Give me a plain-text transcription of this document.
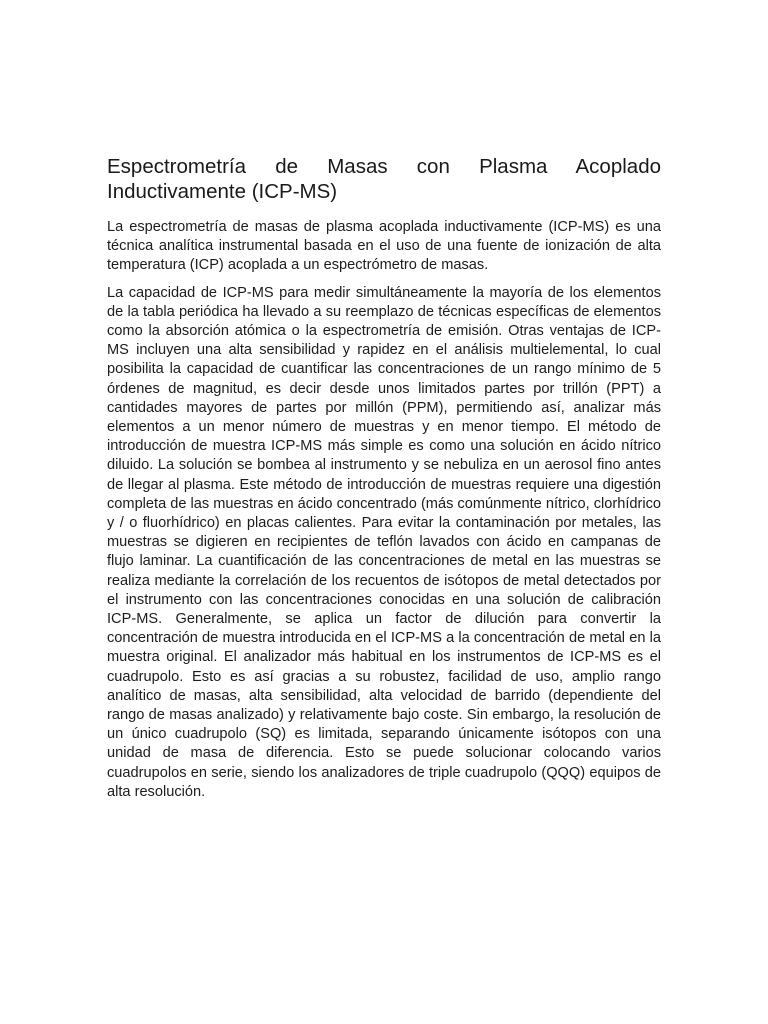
Espectrometría de Masas con Plasma Acoplado Inductivamente (ICP-MS)

La espectrometría de masas de plasma acoplada inductivamente (ICP-MS) es una técnica analítica instrumental basada en el uso de una fuente de ionización de alta temperatura (ICP) acoplada a un espectrómetro de masas.

La capacidad de ICP-MS para medir simultáneamente la mayoría de los elementos de la tabla periódica ha llevado a su reemplazo de técnicas específicas de elementos como la absorción atómica o la espectrometría de emisión. Otras ventajas de ICP-MS incluyen una alta sensibilidad y rapidez en el análisis multielemental, lo cual posibilita la capacidad de cuantificar las concentraciones de un rango mínimo de 5 órdenes de magnitud, es decir desde unos limitados partes por trillón (PPT) a cantidades mayores de partes por millón (PPM), permitiendo así, analizar más elementos a un menor número de muestras y en menor tiempo. El método de introducción de muestra ICP-MS más simple es como una solución en ácido nítrico diluido. La solución se bombea al instrumento y se nebuliza en un aerosol fino antes de llegar al plasma. Este método de introducción de muestras requiere una digestión completa de las muestras en ácido concentrado (más comúnmente nítrico, clorhídrico y / o fluorhídrico) en placas calientes. Para evitar la contaminación por metales, las muestras se digieren en recipientes de teflón lavados con ácido en campanas de flujo laminar. La cuantificación de las concentraciones de metal en las muestras se realiza mediante la correlación de los recuentos de isótopos de metal detectados por el instrumento con las concentraciones conocidas en una solución de calibración ICP-MS. Generalmente, se aplica un factor de dilución para convertir la concentración de muestra introducida en el ICP-MS a la concentración de metal en la muestra original. El analizador más habitual en los instrumentos de ICP-MS es el cuadrupolo. Esto es así gracias a su robustez, facilidad de uso, amplio rango analítico de masas, alta sensibilidad, alta velocidad de barrido (dependiente del rango de masas analizado) y relativamente bajo coste. Sin embargo, la resolución de un único cuadrupolo (SQ) es limitada, separando únicamente isótopos con una unidad de masa de diferencia. Esto se puede solucionar colocando varios cuadrupolos en serie, siendo los analizadores de triple cuadrupolo (QQQ) equipos de alta resolución.
